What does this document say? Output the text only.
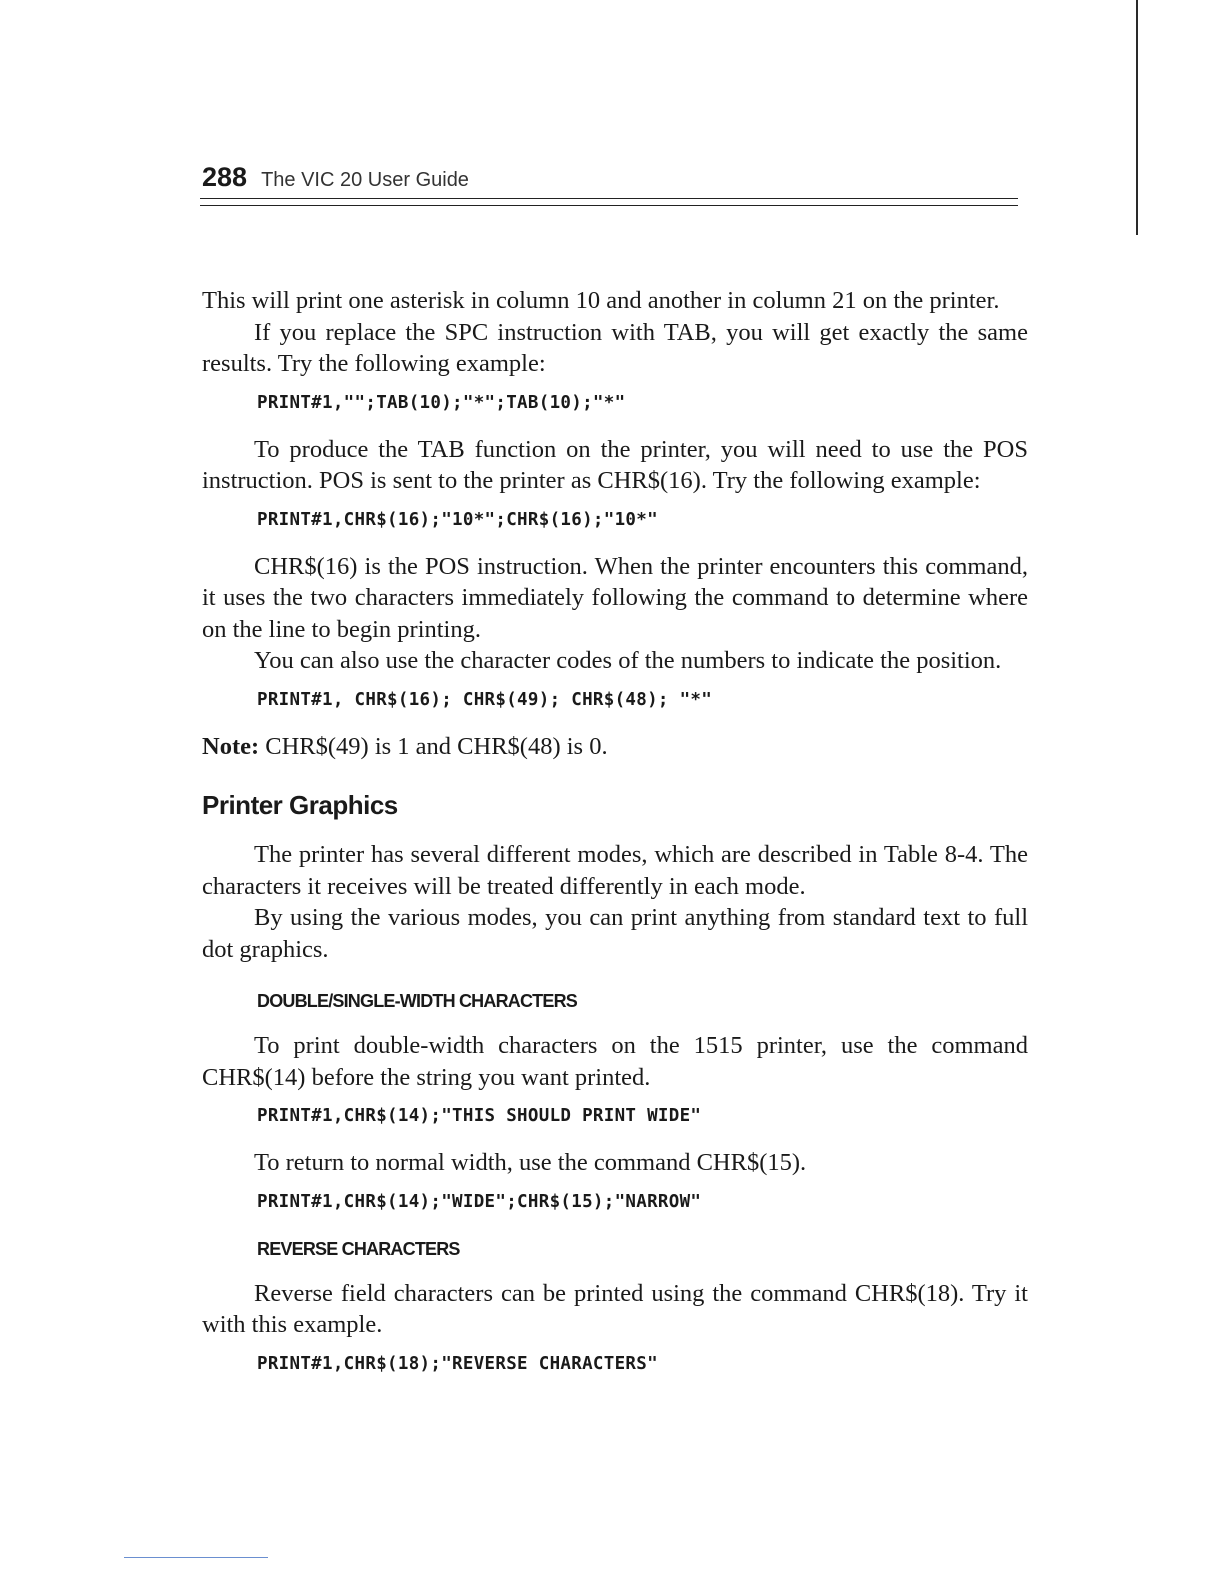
288 The VIC 20 User Guide

This will print one asterisk in column 10 and another in column 21 on the printer.

If you replace the SPC instruction with TAB, you will get exactly the same results. Try the following example:

PRINT#1,"";TAB(10);"*";TAB(10);"*"

To produce the TAB function on the printer, you will need to use the POS instruction. POS is sent to the printer as CHR$(16). Try the following example:

PRINT#1,CHR$(16);"10*";CHR$(16);"10*"

CHR$(16) is the POS instruction. When the printer encounters this command, it uses the two characters immediately following the command to determine where on the line to begin printing.

You can also use the character codes of the numbers to indicate the position.

PRINT#1, CHR$(16); CHR$(49); CHR$(48); "*"

Note: CHR$(49) is 1 and CHR$(48) is 0.

Printer Graphics

The printer has several different modes, which are described in Table 8-4. The characters it receives will be treated differently in each mode.

By using the various modes, you can print anything from standard text to full dot graphics.

DOUBLE/SINGLE-WIDTH CHARACTERS

To print double-width characters on the 1515 printer, use the command CHR$(14) before the string you want printed.

PRINT#1,CHR$(14);"THIS SHOULD PRINT WIDE"

To return to normal width, use the command CHR$(15).

PRINT#1,CHR$(14);"WIDE";CHR$(15);"NARROW"
REVERSE CHARACTERS

Reverse field characters can be printed using the command CHR$(18). Try it with this example.

PRINT#1,CHR$(18);"REVERSE CHARACTERS"
